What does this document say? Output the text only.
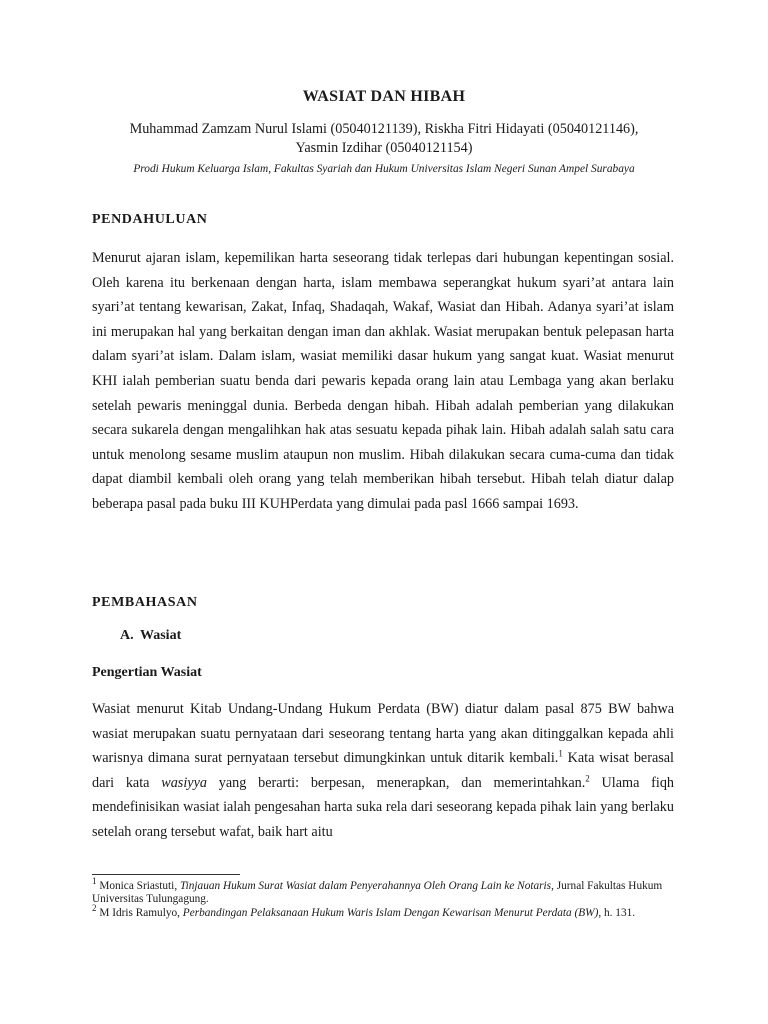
WASIAT DAN HIBAH
Muhammad Zamzam Nurul Islami (05040121139), Riskha Fitri Hidayati (05040121146),
Yasmin Izdihar (05040121154)
Prodi Hukum Keluarga Islam, Fakultas Syariah dan Hukum Universitas Islam Negeri Sunan Ampel Surabaya
PENDAHULUAN
Menurut ajaran islam, kepemilikan harta seseorang tidak terlepas dari hubungan kepentingan sosial. Oleh karena itu berkenaan dengan harta, islam membawa seperangkat hukum syari’at antara lain syari’at tentang kewarisan, Zakat, Infaq, Shadaqah, Wakaf, Wasiat dan Hibah. Adanya syari’at islam ini merupakan hal yang berkaitan dengan iman dan akhlak. Wasiat merupakan bentuk pelepasan harta dalam syari’at islam. Dalam islam, wasiat memiliki dasar hukum yang sangat kuat. Wasiat menurut KHI ialah pemberian suatu benda dari pewaris kepada orang lain atau Lembaga yang akan berlaku setelah pewaris meninggal dunia. Berbeda dengan hibah. Hibah adalah pemberian yang dilakukan secara sukarela dengan mengalihkan hak atas sesuatu kepada pihak lain. Hibah adalah salah satu cara untuk menolong sesame muslim ataupun non muslim. Hibah dilakukan secara cuma-cuma dan tidak dapat diambil kembali oleh orang yang telah memberikan hibah tersebut. Hibah telah diatur dalap beberapa pasal pada buku III KUHPerdata yang dimulai pada pasl 1666 sampai 1693.
PEMBAHASAN
A. Wasiat
Pengertian Wasiat
Wasiat menurut Kitab Undang-Undang Hukum Perdata (BW) diatur dalam pasal 875 BW bahwa wasiat merupakan suatu pernyataan dari seseorang tentang harta yang akan ditinggalkan kepada ahli warisnya dimana surat pernyataan tersebut dimungkinkan untuk ditarik kembali.$^1$ Kata wisat berasal dari kata wasiyya yang berarti: berpesan, menerapkan, dan memerintahkan.$^2$ Ulama fiqh mendefinisikan wasiat ialah pengesahan harta suka rela dari seseorang kepada pihak lain yang berlaku setelah orang tersebut wafat, baik hart aitu

$^1$ Monica Sriastuti, Tinjauan Hukum Surat Wasiat dalam Penyerahannya Oleh Orang Lain ke Notaris, Jurnal Fakultas Hukum Universitas Tulungagung.

$^2$ M Idris Ramulyo, Perbandingan Pelaksanaan Hukum Waris Islam Dengan Kewarisan Menurut Perdata (BW), h. 131.
